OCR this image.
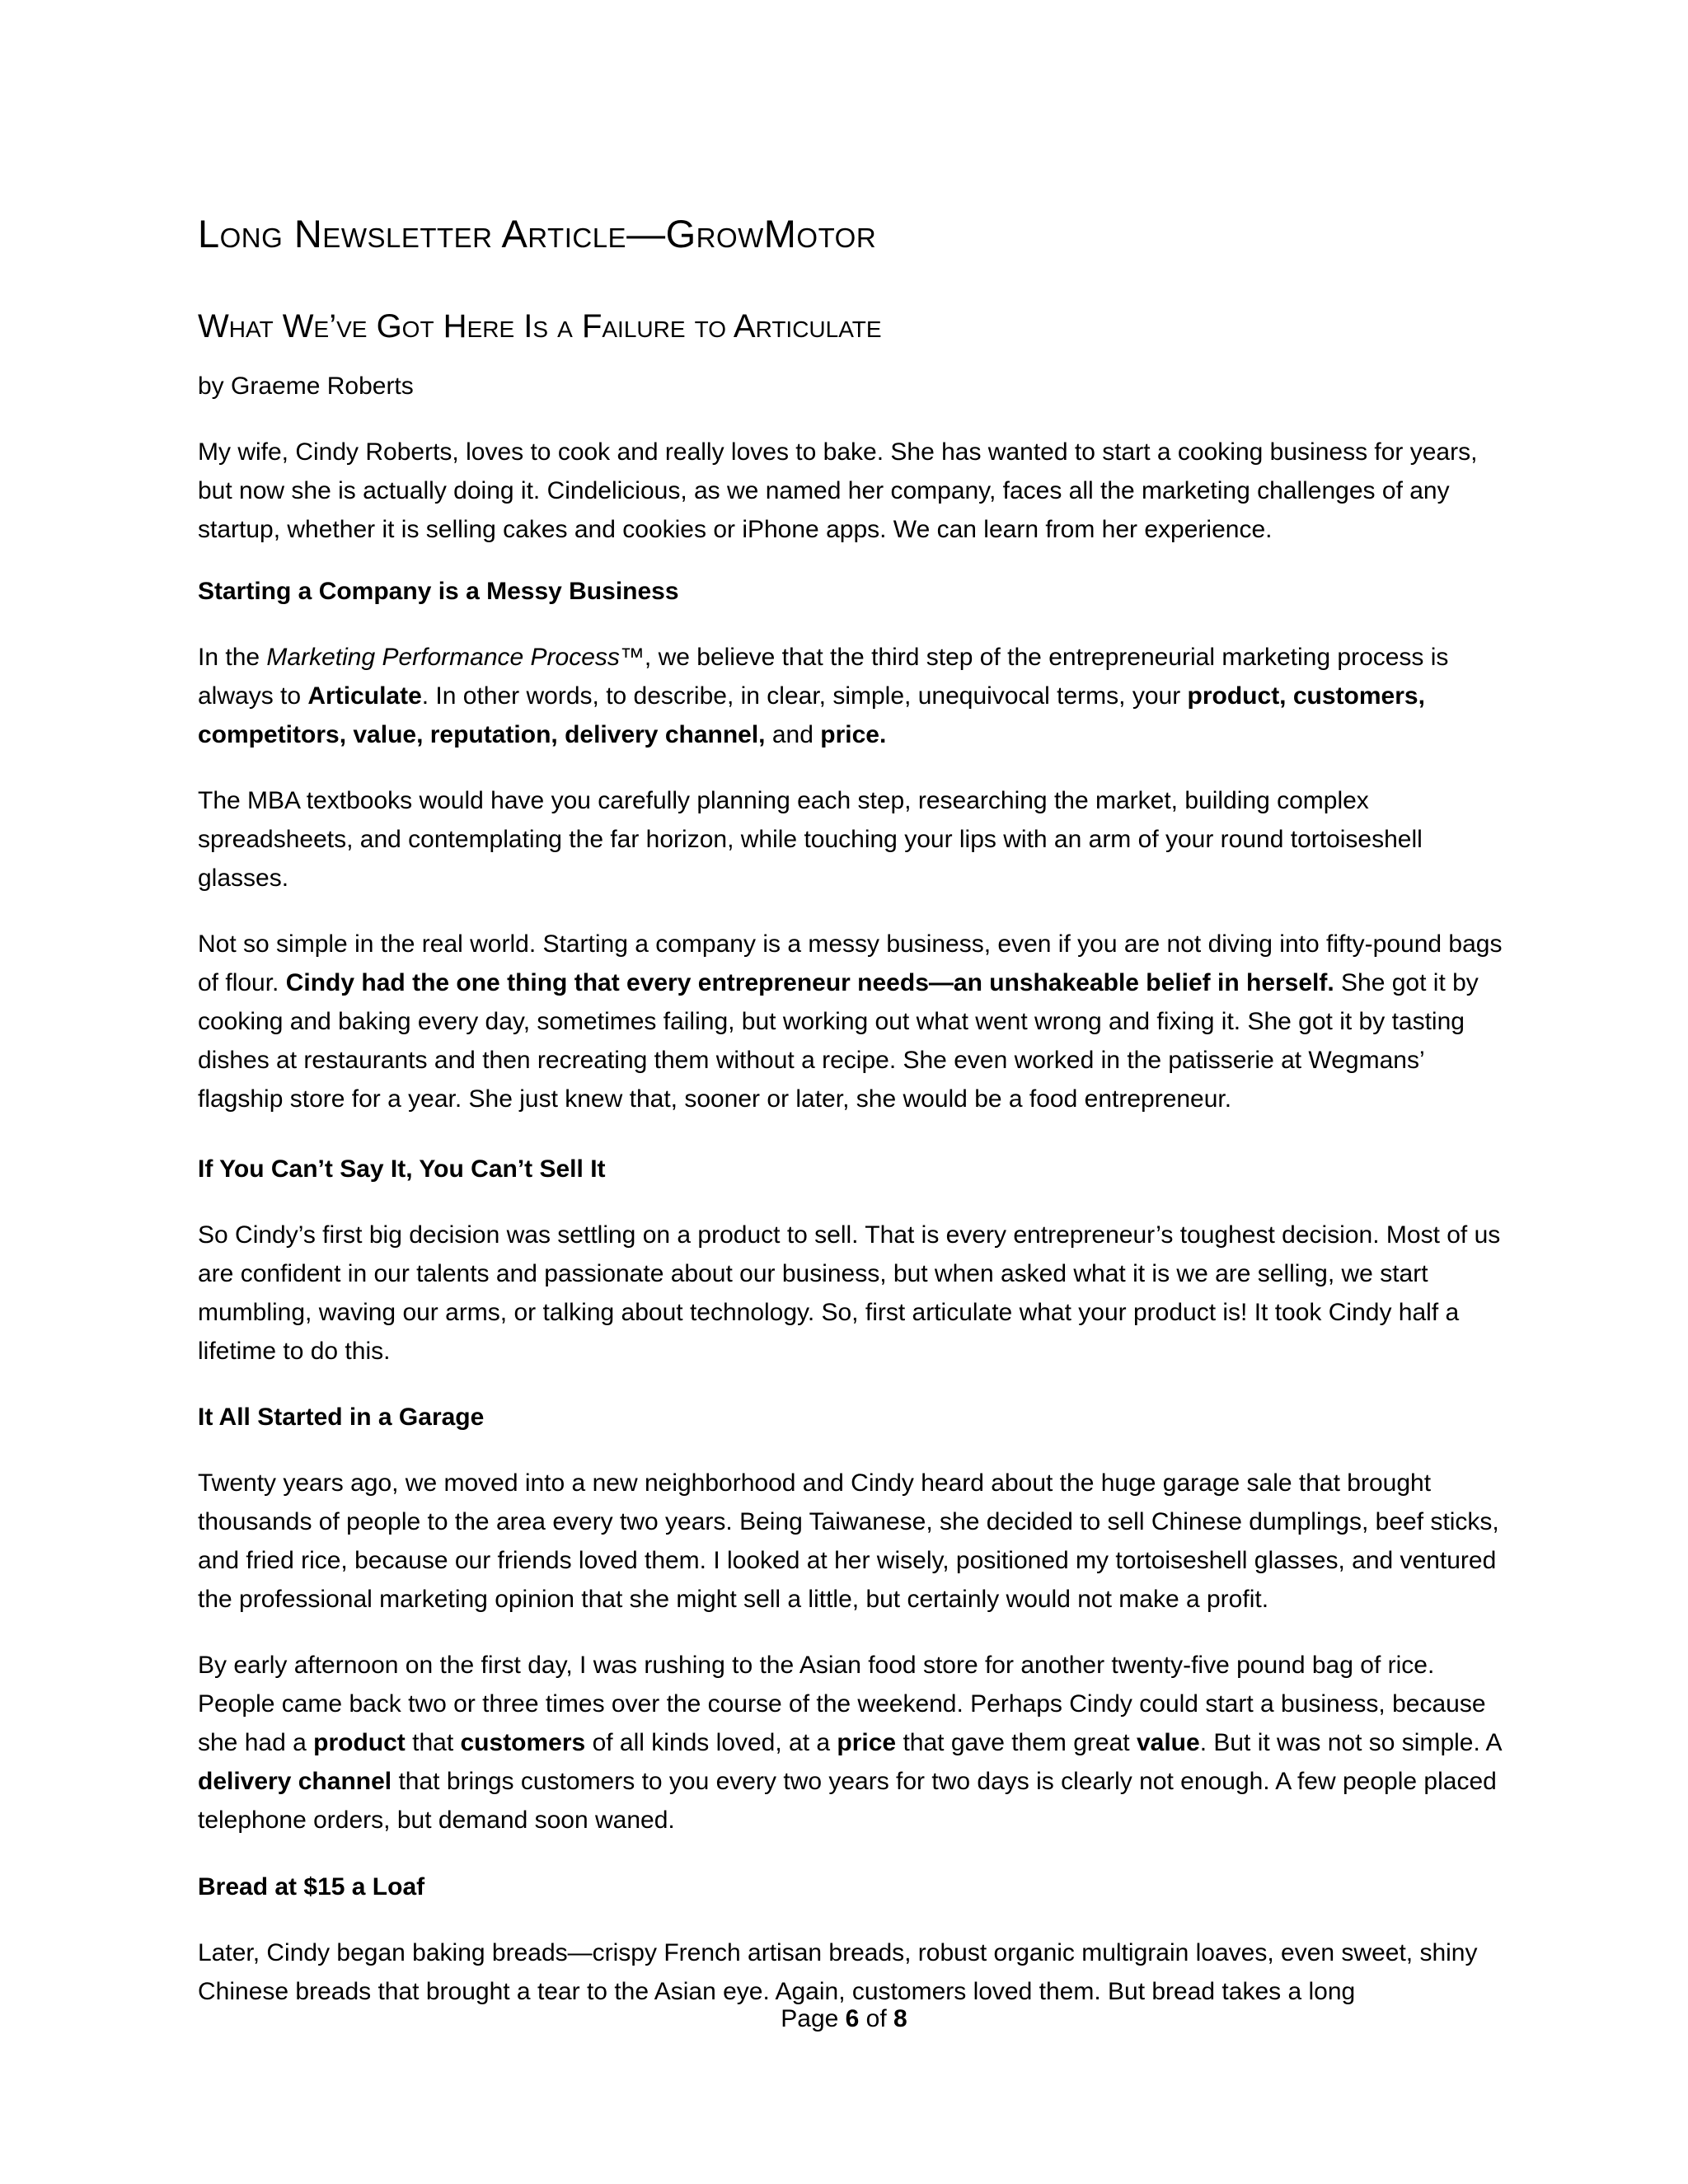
Long Newsletter Article—GrowMotor
What We’ve Got Here Is a Failure to Articulate

by Graeme Roberts

My wife, Cindy Roberts, loves to cook and really loves to bake. She has wanted to start a cooking business for years, but now she is actually doing it. Cindelicious, as we named her company, faces all the marketing challenges of any startup, whether it is selling cakes and cookies or iPhone apps. We can learn from her experience.

Starting a Company is a Messy Business

In the Marketing Performance Process™, we believe that the third step of the entrepreneurial marketing process is always to Articulate. In other words, to describe, in clear, simple, unequivocal terms, your product, customers, competitors, value, reputation, delivery channel, and price.

The MBA textbooks would have you carefully planning each step, researching the market, building complex spreadsheets, and contemplating the far horizon, while touching your lips with an arm of your round tortoiseshell glasses.

Not so simple in the real world. Starting a company is a messy business, even if you are not diving into fifty-pound bags of flour. Cindy had the one thing that every entrepreneur needs—an unshakeable belief in herself. She got it by cooking and baking every day, sometimes failing, but working out what went wrong and fixing it. She got it by tasting dishes at restaurants and then recreating them without a recipe. She even worked in the patisserie at Wegmans’ flagship store for a year. She just knew that, sooner or later, she would be a food entrepreneur.

If You Can’t Say It, You Can’t Sell It

So Cindy’s first big decision was settling on a product to sell. That is every entrepreneur’s toughest decision. Most of us are confident in our talents and passionate about our business, but when asked what it is we are selling, we start mumbling, waving our arms, or talking about technology. So, first articulate what your product is! It took Cindy half a lifetime to do this.

It All Started in a Garage

Twenty years ago, we moved into a new neighborhood and Cindy heard about the huge garage sale that brought thousands of people to the area every two years. Being Taiwanese, she decided to sell Chinese dumplings, beef sticks, and fried rice, because our friends loved them. I looked at her wisely, positioned my tortoiseshell glasses, and ventured the professional marketing opinion that she might sell a little, but certainly would not make a profit.

By early afternoon on the first day, I was rushing to the Asian food store for another twenty-five pound bag of rice. People came back two or three times over the course of the weekend. Perhaps Cindy could start a business, because she had a product that customers of all kinds loved, at a price that gave them great value. But it was not so simple. A delivery channel that brings customers to you every two years for two days is clearly not enough. A few people placed telephone orders, but demand soon waned.

Bread at $15 a Loaf

Later, Cindy began baking breads—crispy French artisan breads, robust organic multigrain loaves, even sweet, shiny Chinese breads that brought a tear to the Asian eye. Again, customers loved them. But bread takes a long

Page 6 of 8
